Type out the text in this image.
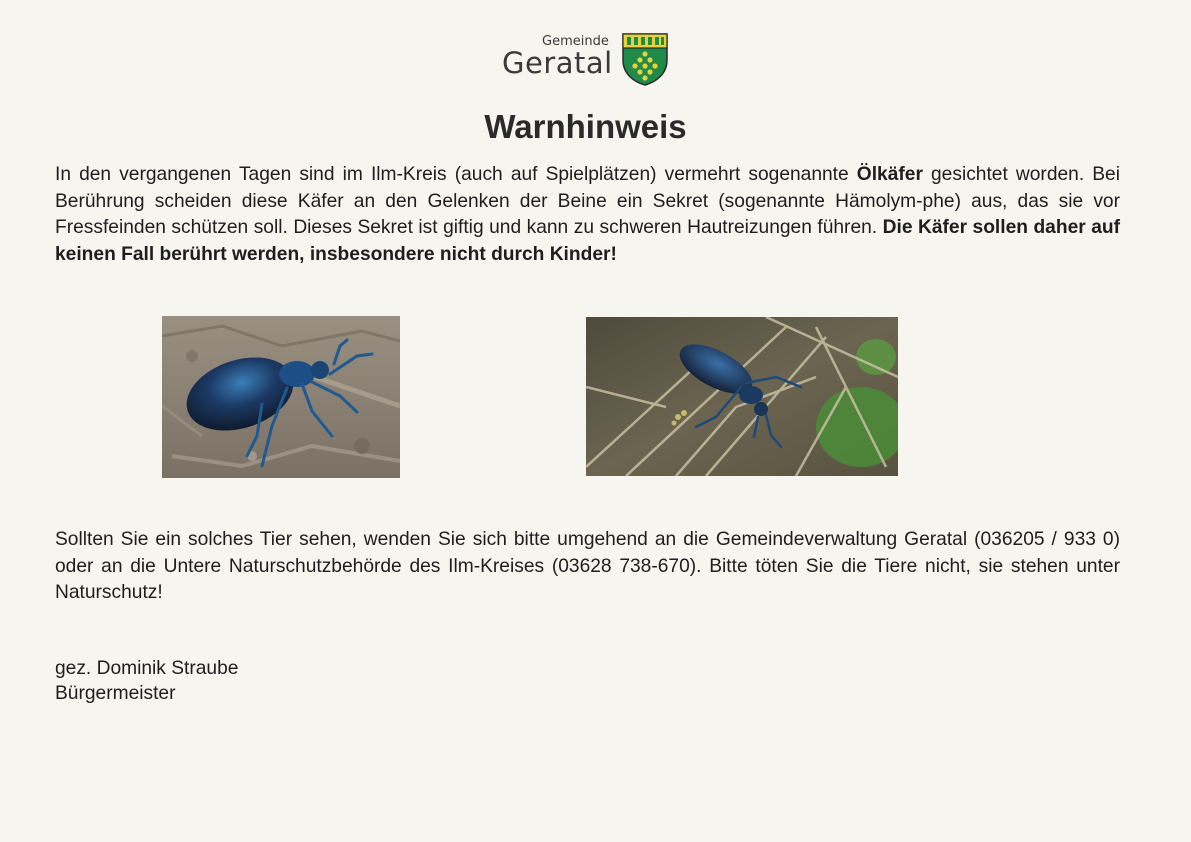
Gemeinde
Geratal
Warnhinweis
In den vergangenen Tagen sind im Ilm-Kreis (auch auf Spielplätzen) vermehrt sogenannte Ölkäfer gesichtet worden. Bei Berührung scheiden diese Käfer an den Gelenken der Beine ein Sekret (sogenannte Hämolym-phe) aus, das sie vor Fressfeinden schützen soll. Dieses Sekret ist giftig und kann zu schweren Hautreizungen führen. Die Käfer sollen daher auf keinen Fall berührt werden, insbesondere nicht durch Kinder!
Sollten Sie ein solches Tier sehen, wenden Sie sich bitte umgehend an die Gemeindeverwaltung Geratal (036205 / 933 0) oder an die Untere Naturschutzbehörde des Ilm-Kreises (03628 738-670). Bitte töten Sie die Tiere nicht, sie stehen unter Naturschutz!
gez. Dominik Straube
Bürgermeister
